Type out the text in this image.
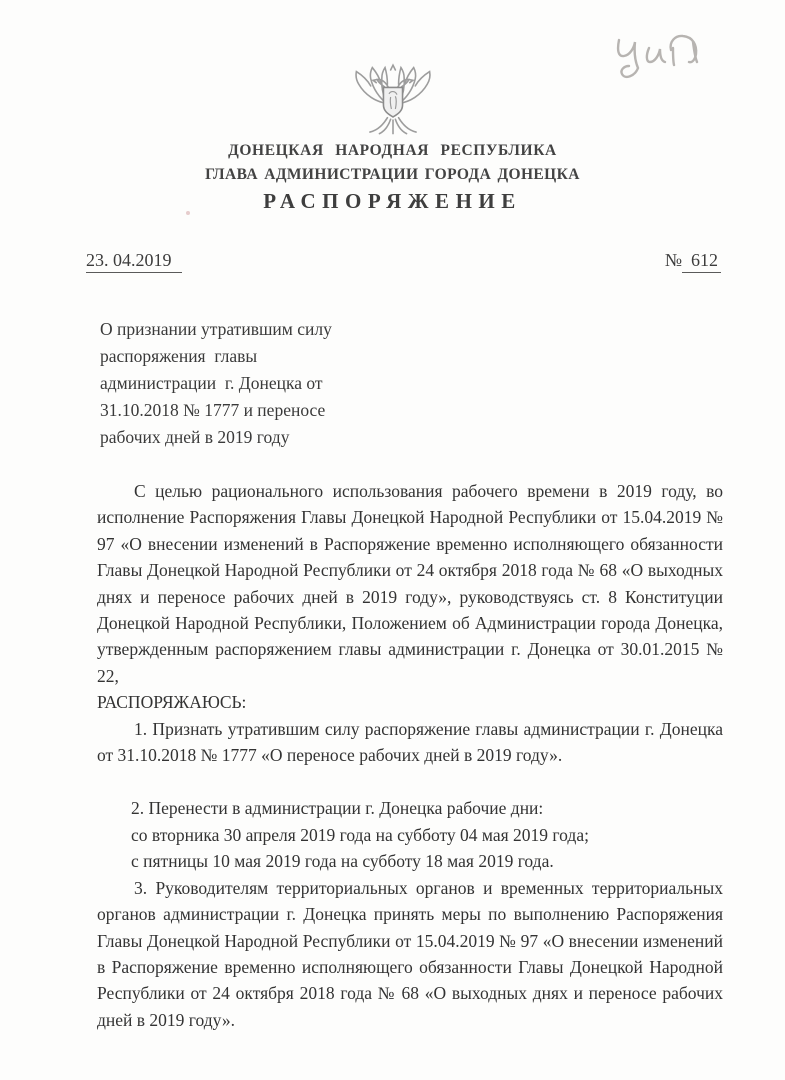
ДОНЕЦКАЯ НАРОДНАЯ РЕСПУБЛИКА
ГЛАВА АДМИНИСТРАЦИИ ГОРОДА ДОНЕЦКА
РАСПОРЯЖЕНИЕ
23. 04.2019	№ 612
О признании утратившим силу
распоряжения  главы
администрации  г. Донецка от
31.10.2018 № 1777 и переносе
рабочих дней в 2019 году

С целью рационального использования рабочего времени в 2019 году, во исполнение Распоряжения Главы Донецкой Народной Республики от 15.04.2019 № 97 «О внесении изменений в Распоряжение временно исполняющего обязанности Главы Донецкой Народной Республики от 24 октября 2018 года № 68 «О выходных днях и переносе рабочих дней в 2019 году», руководствуясь ст. 8 Конституции Донецкой Народной Республики, Положением об Администрации города Донецка, утвержденным распоряжением главы администрации г. Донецка от 30.01.2015 № 22,

РАСПОРЯЖАЮСЬ:

1. Признать утратившим силу распоряжение главы администрации г. Донецка от 31.10.2018 № 1777 «О переносе рабочих дней в 2019 году».

2. Перенести в администрации г. Донецка рабочие дни:
со вторника 30 апреля 2019 года на субботу 04 мая 2019 года;
с пятницы 10 мая 2019 года на субботу 18 мая 2019 года.

3. Руководителям территориальных органов и временных территориальных органов администрации г. Донецка принять меры по выполнению Распоряжения Главы Донецкой Народной Республики от 15.04.2019 № 97 «О внесении изменений в Распоряжение временно исполняющего обязанности Главы Донецкой Народной Республики от 24 октября 2018 года № 68 «О выходных днях и переносе рабочих дней в 2019 году».
